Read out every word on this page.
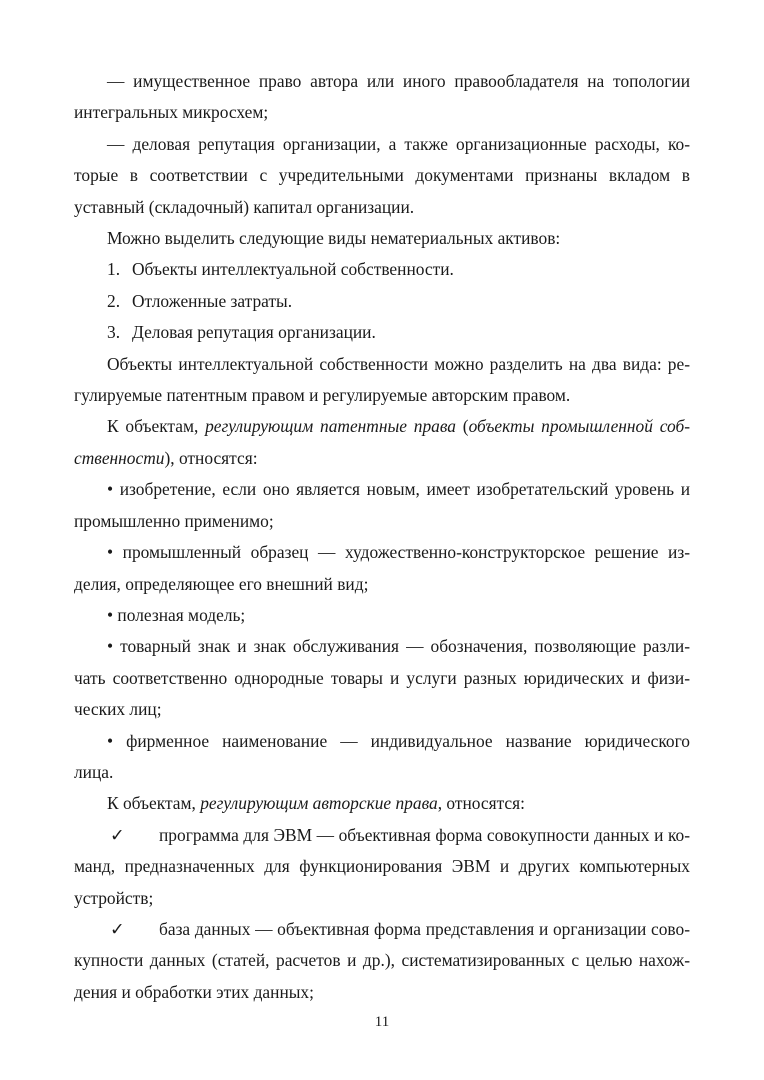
— имущественное право автора или иного правообладателя на топологии
интегральных микросхем;

— деловая репутация организации, а также организационные расходы, ко-
торые в соответствии с учредительными документами признаны вкладом в
уставный (складочный) капитал организации.

Можно выделить следующие виды нематериальных активов:

1. Объекты интеллектуальной собственности.

2. Отложенные затраты.

3. Деловая репутация организации.

Объекты интеллектуальной собственности можно разделить на два вида: ре-
гулируемые патентным правом и регулируемые авторским правом.

К объектам, регулирующим патентные права (объекты промышленной соб-
ственности), относятся:

• изобретение, если оно является новым, имеет изобретательский уровень и
промышленно применимо;

• промышленный образец — художественно-конструкторское решение из-
делия, определяющее его внешний вид;

• полезная модель;

• товарный знак и знак обслуживания — обозначения, позволяющие разли-
чать соответственно однородные товары и услуги разных юридических и физи-
ческих лиц;

• фирменное наименование — индивидуальное название юридического
лица.

К объектам, регулирующим авторские права, относятся:

✓ программа для ЭВМ — объективная форма совокупности данных и ко-
манд, предназначенных для функционирования ЭВМ и других компьютерных
устройств;

✓ база данных — объективная форма представления и организации сово-
купности данных (статей, расчетов и др.), систематизированных с целью нахож-
дения и обработки этих данных;

11
